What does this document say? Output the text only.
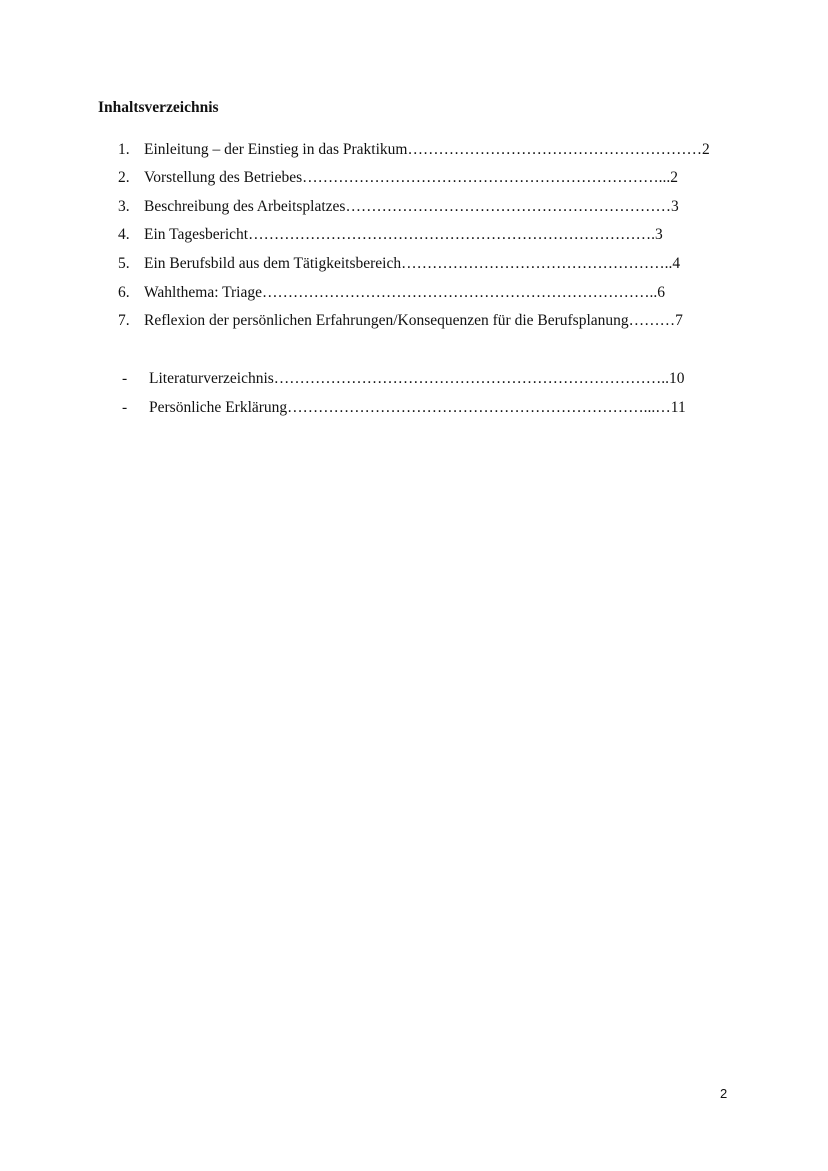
Inhaltsverzeichnis
1. Einleitung – der Einstieg in das Praktikum ………………………………………………… 2
2. Vorstellung des Betriebes ……………………………………………………………... 2
3. Beschreibung des Arbeitsplatzes ……………………………………………………… 3
4. Ein Tagesbericht …………………………………………………………………… .3
5. Ein Berufsbild aus dem Tätigkeitsbereich …………………………………………….. 4
6. Wahlthema: Triage ………………………………………………………………….. 6
7. Reflexion der persönlichen Erfahrungen/Konsequenzen für die Berufsplanung ……… 7
-	Literaturverzeichnis ………………………………………………………………….. 10
-	Persönliche Erklärung ……………………………………………………………...… 11
2
